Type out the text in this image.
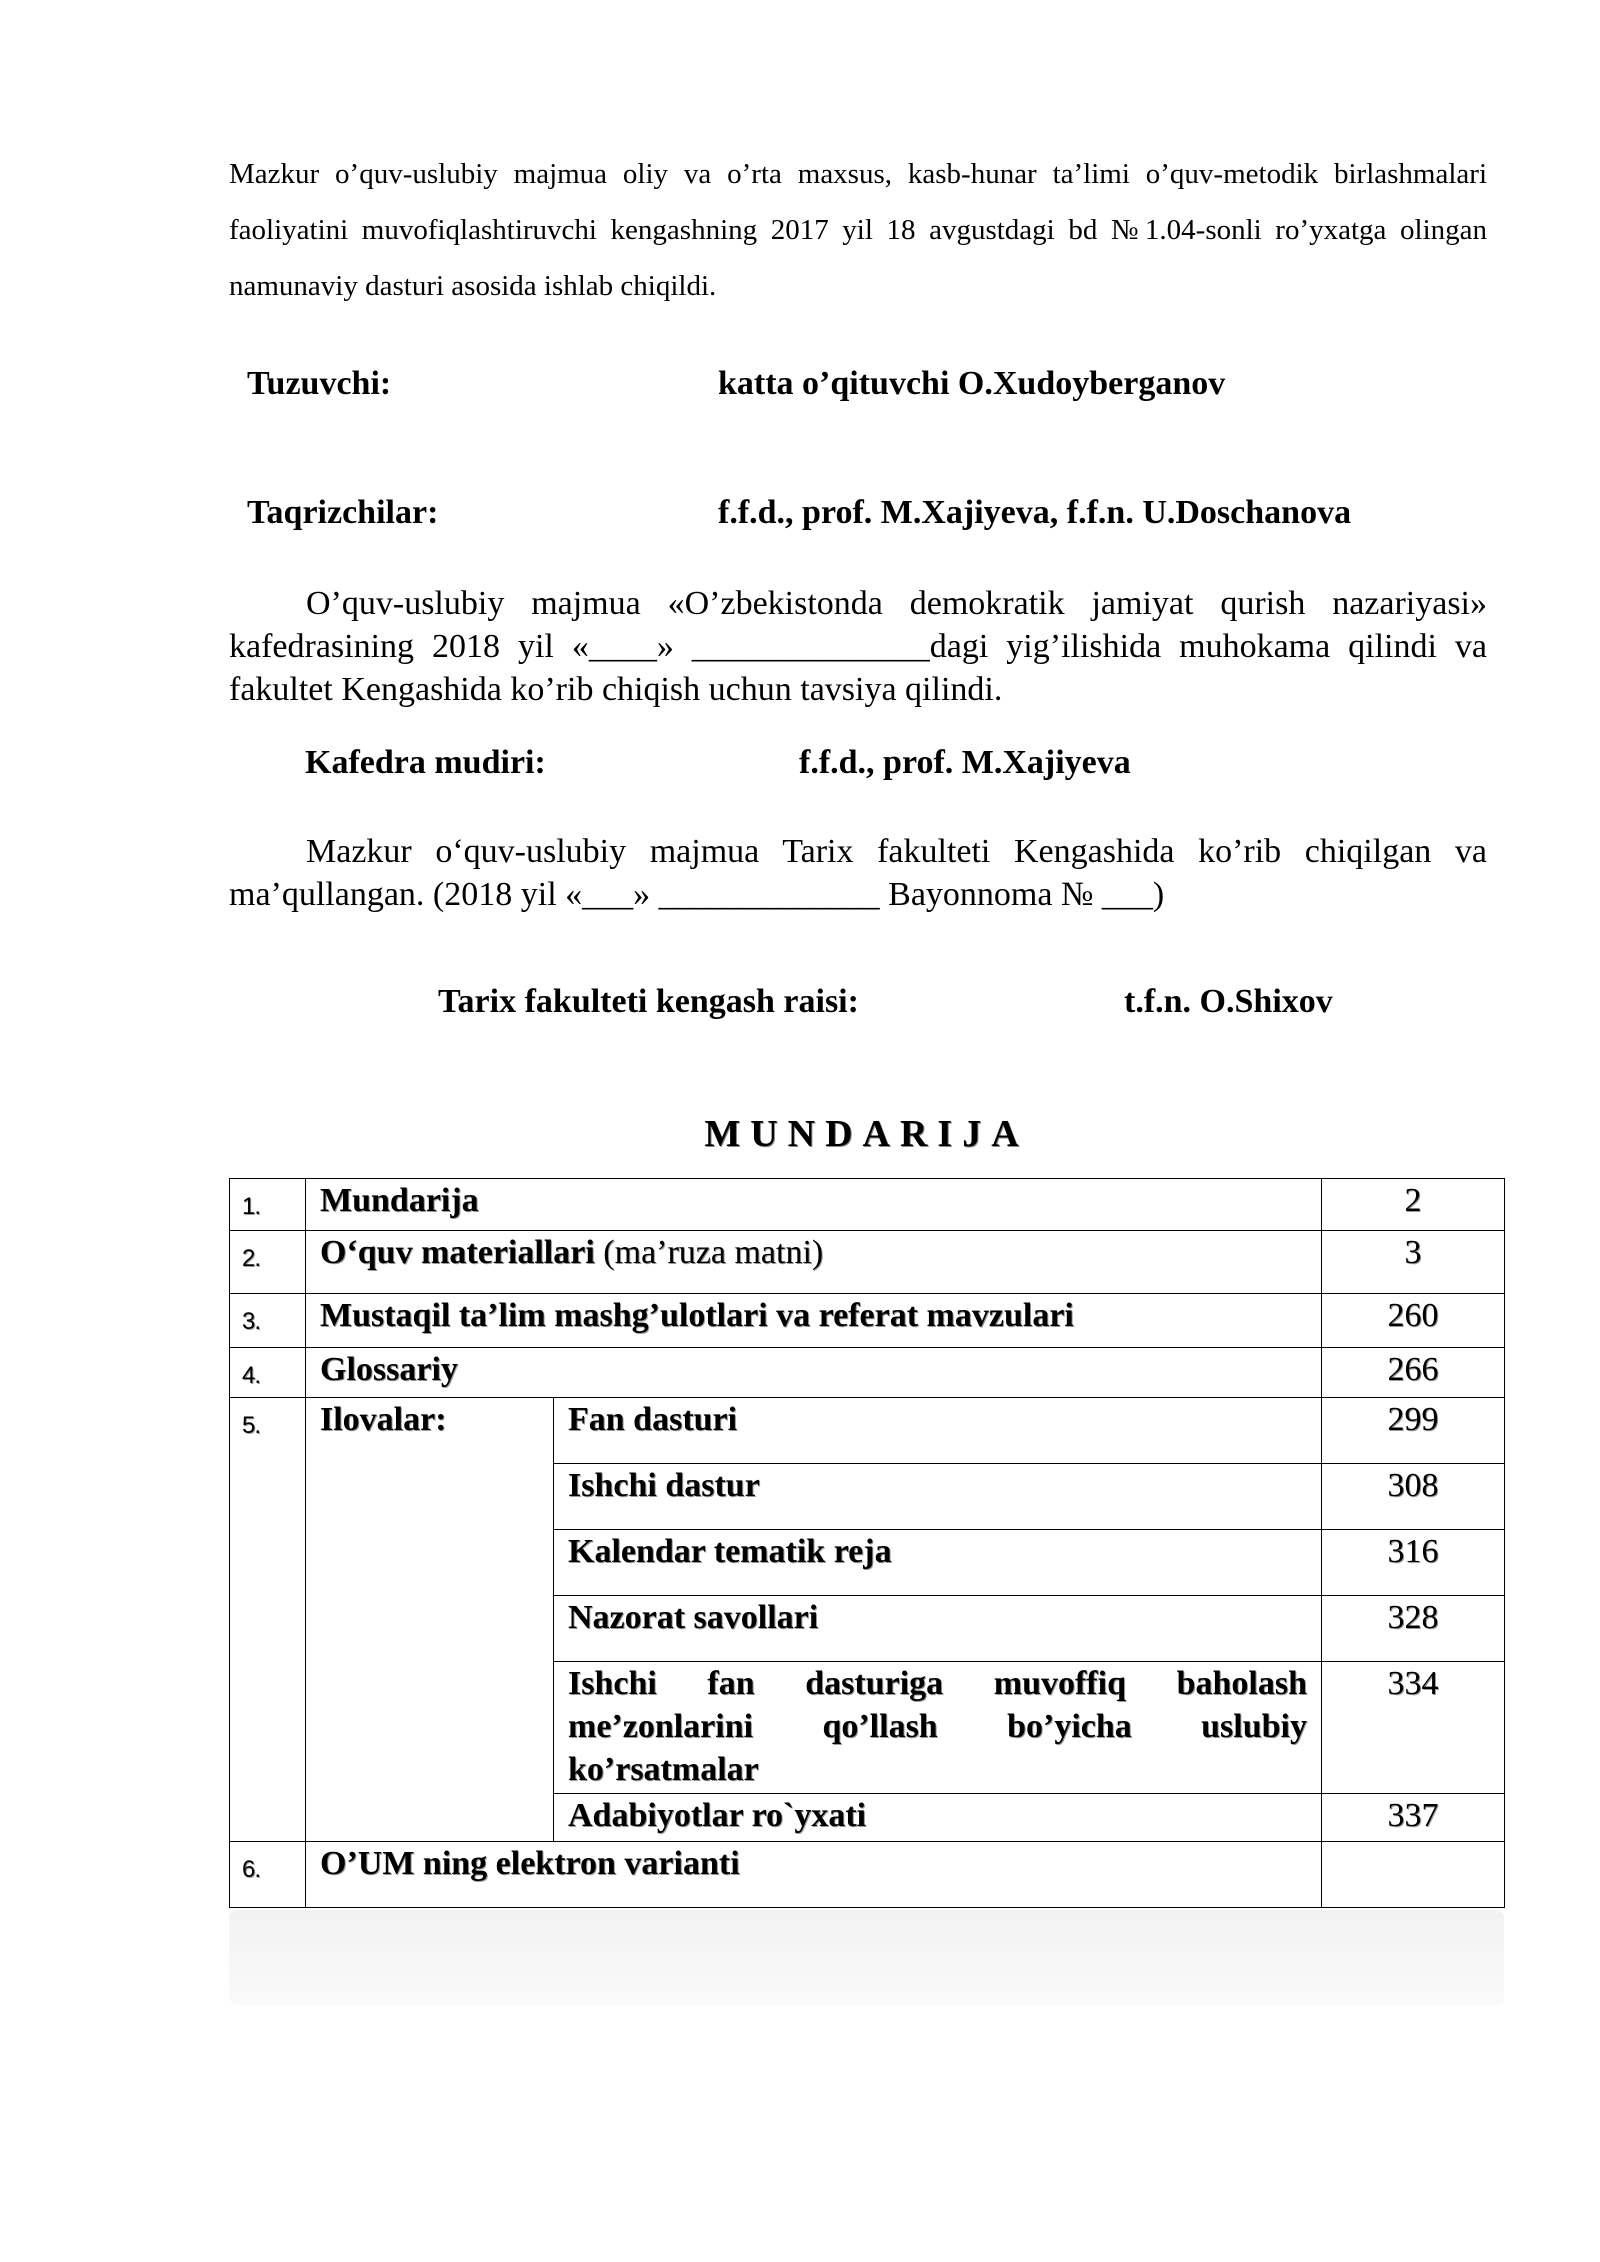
Mazkur o’quv-uslubiy majmua oliy va o’rta maxsus, kasb-hunar ta’limi o’quv-metodik birlashmalari faoliyatini muvofiqlashtiruvchi kengashning 2017 yil 18 avgustdagi bd №1.04-sonli ro’yxatga olingan namunaviy dasturi asosida ishlab chiqildi.

Tuzuvchi:	katta o’qituvchi O.Xudoyberganov
Taqrizchilar:	f.f.d., prof. M.Xajiyeva, f.f.n. U.Doschanova

O’quv-uslubiy majmua «O’zbekistonda demokratik jamiyat qurish nazariyasi» kafedrasining 2018 yil «____» ______________dagi yig’ilishida muhokama qilindi va fakultet Kengashida ko’rib chiqish uchun tavsiya qilindi.

Kafedra mudiri:	f.f.d., prof. M.Xajiyeva

Mazkur o‘quv-uslubiy majmua Tarix fakulteti Kengashida ko’rib chiqilgan va ma’qullangan. (2018 yil «___» _____________ Bayonnoma № ___)

Tarix fakulteti kengash raisi:	t.f.n. O.Shixov
MUNDARIJA
1.	Mundarija		2
2.	O‘quv materiallari (ma’ruza matni)		3
3.	Mustaqil ta’lim mashg’ulotlari va referat mavzulari		260
4.	Glossariy		266
5.	Ilovalar:	Fan dasturi	299
		Ishchi dastur	308
		Kalendar tematik reja	316
		Nazorat savollari	328
		Ishchi fan dasturiga muvoffiq baholash me’zonlarini qo’llash bo’yicha uslubiy ko’rsatmalar	334
		Adabiyotlar ro`yxati	337
6.	O’UM ning elektron varianti		
